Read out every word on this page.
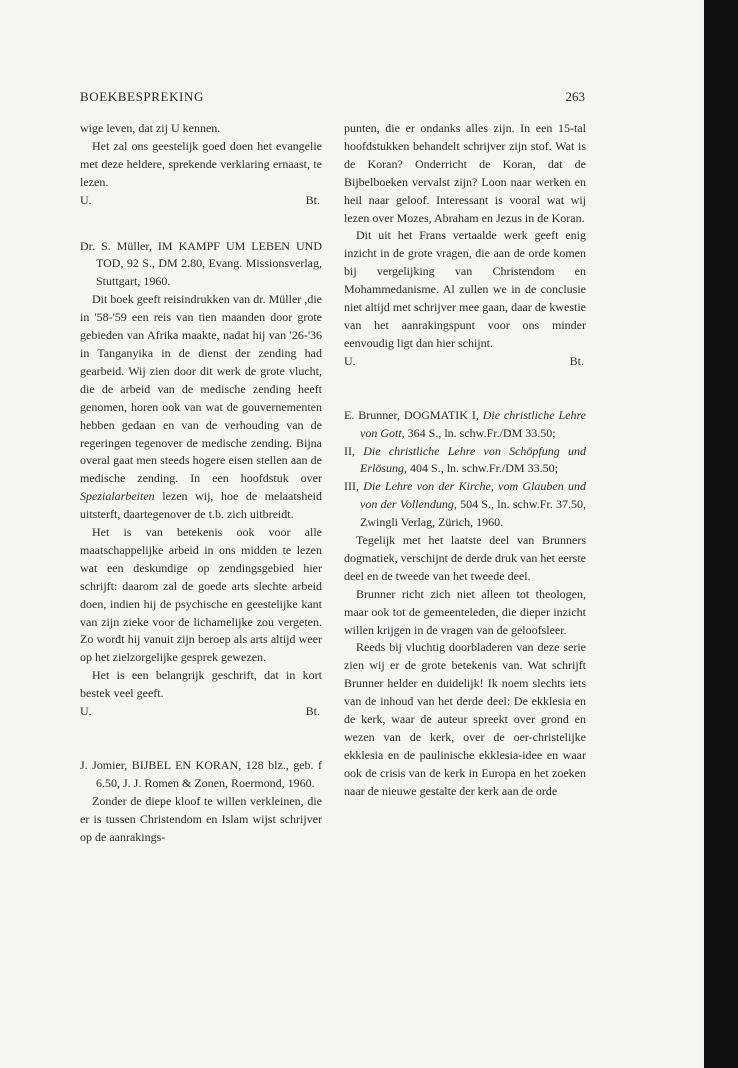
BOEKBESPREKING	263

wige leven, dat zij U kennen.

Het zal ons geestelijk goed doen het evangelie met deze heldere, sprekende verklaring ernaast, te lezen.

U.	Bt.

Dr. S. Müller, IM KAMPF UM LEBEN UND TOD, 92 S., DM 2.80, Evang. Missionsverlag, Stuttgart, 1960.

Dit boek geeft reisindrukken van dr. Müller ,die in '58-'59 een reis van tien maanden door grote gebieden van Afrika maakte, nadat hij van '26-'36 in Tanganyika in de dienst der zending had gearbeid. Wij zien door dit werk de grote vlucht, die de arbeid van de medische zending heeft genomen, horen ook van wat de gouvernementen hebben gedaan en van de verhouding van de regeringen tegenover de medische zending. Bijna overal gaat men steeds hogere eisen stellen aan de medische zending. In een hoofdstuk over Spezialarbeiten lezen wij, hoe de melaatsheid uitsterft, daartegenover de t.b. zich uitbreidt.

Het is van betekenis ook voor alle maatschappelijke arbeid in ons midden te lezen wat een deskundige op zendingsgebied hier schrijft: daarom zal de goede arts slechte arbeid doen, indien hij de psychische en geestelijke kant van zijn zieke voor de lichamelijke zou vergeten. Zo wordt hij vanuit zijn beroep als arts altijd weer op het zielzorgelijke gesprek gewezen.

Het is een belangrijk geschrift, dat in kort bestek veel geeft.

U.	Bt.

J. Jomier, BIJBEL EN KORAN, 128 blz., geb. f 6.50, J. J. Romen & Zonen, Roermond, 1960.

Zonder de diepe kloof te willen verkleinen, die er is tussen Christendom en Islam wijst schrijver op de aanrakings-

punten, die er ondanks alles zijn. In een 15-tal hoofdstukken behandelt schrijver zijn stof. Wat is de Koran? Onderricht de Koran, dat de Bijbelboeken vervalst zijn? Loon naar werken en heil naar geloof. Interessant is vooral wat wij lezen over Mozes, Abraham en Jezus in de Koran.

Dit uit het Frans vertaalde werk geeft enig inzicht in de grote vragen, die aan de orde komen bij vergelijking van Christendom en Mohammedanisme. Al zullen we in de conclusie niet altijd met schrijver mee gaan, daar de kwestie van het aanrakingspunt voor ons minder eenvoudig ligt dan hier schijnt.

U.	Bt.

E. Brunner, DOGMATIK I, Die christliche Lehre von Gott, 364 S., ln. schw.Fr./DM 33.50;

II, Die christliche Lehre von Schöpfung und Erlösung, 404 S., ln. schw.Fr./DM 33.50;

III, Die Lehre von der Kirche, vom Glauben und von der Vollendung, 504 S., ln. schw.Fr. 37.50, Zwingli Verlag, Zürich, 1960.

Tegelijk met het laatste deel van Brunners dogmatiek, verschijnt de derde druk van het eerste deel en de tweede van het tweede deel.

Brunner richt zich niet alleen tot theologen, maar ook tot de gemeenteleden, die dieper inzicht willen krijgen in de vragen van de geloofsleer.

Reeds bij vluchtig doorbladeren van deze serie zien wij er de grote betekenis van. Wat schrijft Brunner helder en duidelijk! Ik noem slechts iets van de inhoud van het derde deel: De ekklesia en de kerk, waar de auteur spreekt over grond en wezen van de kerk, over de oer-christelijke ekklesia en de paulinische ekklesia-idee en waar ook de crisis van de kerk in Europa en het zoeken naar de nieuwe gestalte der kerk aan de orde
